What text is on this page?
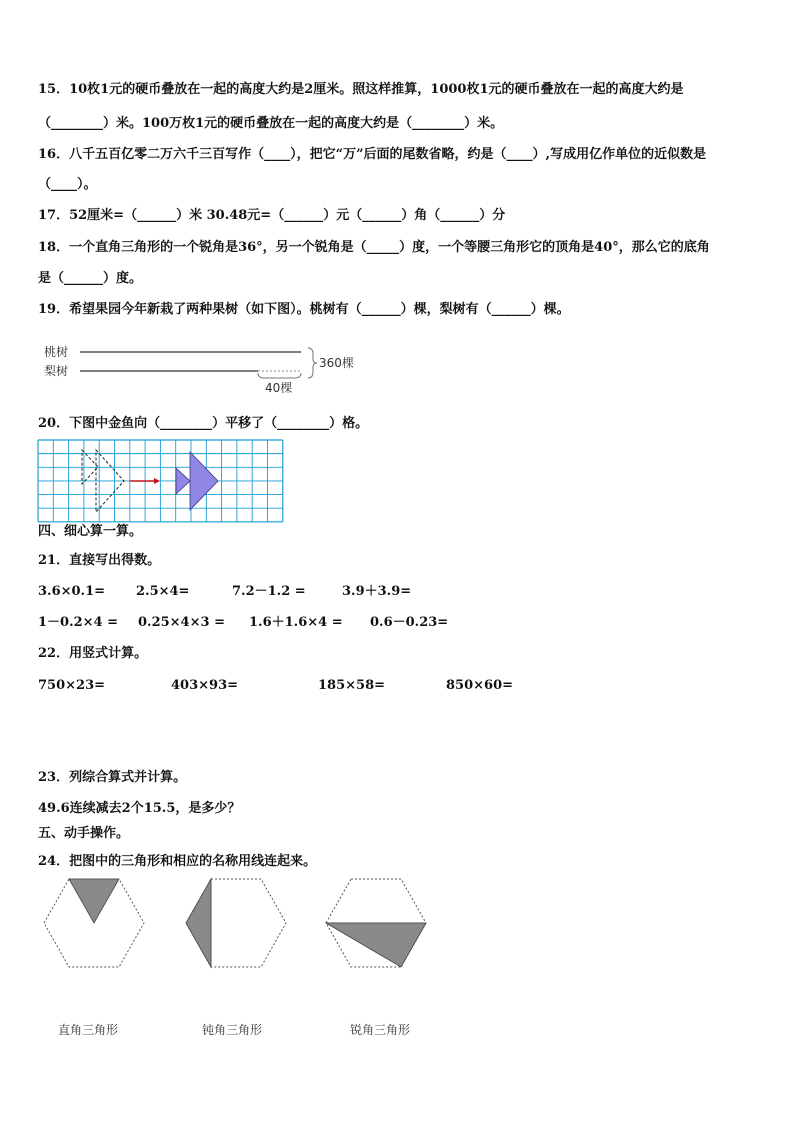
15．10枚1元的硬币叠放在一起的高度大约是2厘米。照这样推算，1000枚1元的硬币叠放在一起的高度大约是
（________）米。100万枚1元的硬币叠放在一起的高度大约是（________）米。
16．八千五百亿零二万六千三百写作（____），把它“万”后面的尾数省略，约是（____）,写成用亿作单位的近似数是
（____）。
17．52厘米=（______）米 30.48元=（______）元（______）角（______）分
18．一个直角三角形的一个锐角是36°，另一个锐角是（_____）度，一个等腰三角形它的顶角是40°，那么它的底角
是（______）度。
19．希望果园今年新栽了两种果树（如下图）。桃树有（______）棵，梨树有（______）棵。
桃树
梨树
40棵
360棵
20．下图中金鱼向（________）平移了（________）格。
四、细心算一算。
21．直接写出得数。
3.6×0.1= 2.5×4=	7.2－1.2 =	3.9＋3.9=
1－0.2×4 = 0.25×4×3 = 1.6＋1.6×4 = 0.6－0.23=
22．用竖式计算。
750×23=	403×93=	185×58=	850×60=
23．列综合算式并计算。
49.6连续减去2个15.5，是多少？
五、动手操作。
24．把图中的三角形和相应的名称用线连起来。
直角三角形	钝角三角形	锐角三角形
